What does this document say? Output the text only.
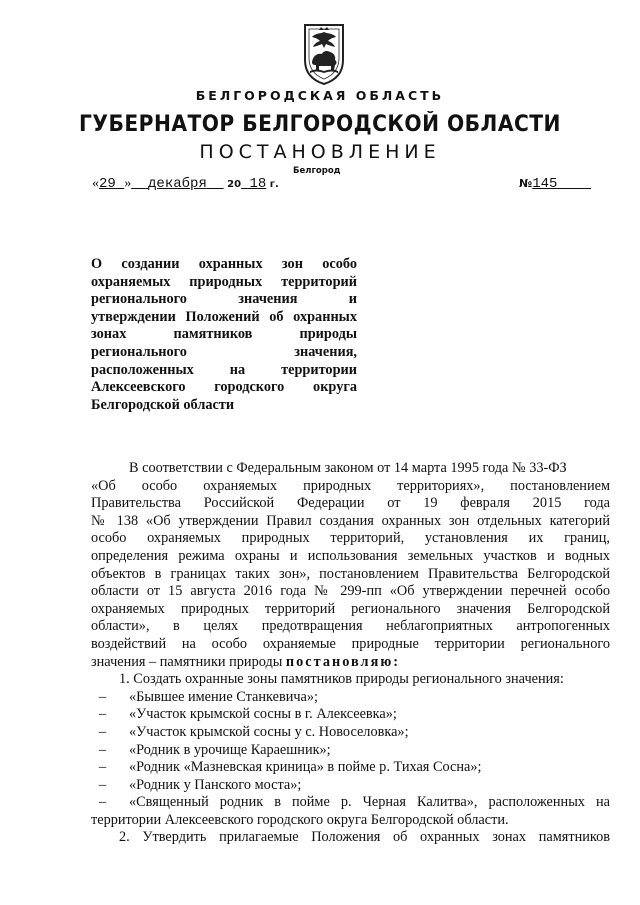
БЕЛГОРОДСКАЯ ОБЛАСТЬ
ГУБЕРНАТОР БЕЛГОРОДСКОЙ ОБЛАСТИ
ПОСТАНОВЛЕНИЕ
Белгород
«29 » декабря 20 18 г.	№145
О создании охранных зон особо
охраняемых природных территорий
регионального значения и
утверждении Положений об охранных
зонах памятников природы
регионального значения,
расположенных на территории
Алексеевского городского округа
Белгородской области
В соответствии с Федеральным законом от 14 марта 1995 года № 33-ФЗ
«Об особо охраняемых природных территориях», постановлением
Правительства Российской Федерации от 19 февраля 2015 года
№ 138 «Об утверждении Правил создания охранных зон отдельных категорий
особо охраняемых природных территорий, установления их границ,
определения режима охраны и использования земельных участков и водных
объектов в границах таких зон», постановлением Правительства Белгородской
области от 15 августа 2016 года № 299-пп «Об утверждении перечней особо
охраняемых природных территорий регионального значения Белгородской
области», в целях предотвращения неблагоприятных антропогенных
воздействий на особо охраняемые природные территории регионального
значения – памятники природы постановляю:
1. Создать охранные зоны памятников природы регионального значения:
– «Бывшее имение Станкевича»;
– «Участок крымской сосны в г. Алексеевка»;
– «Участок крымской сосны у с. Новоселовка»;
– «Родник в урочище Караешник»;
– «Родник «Мазневская криница» в пойме р. Тихая Сосна»;
– «Родник у Панского моста»;
– «Священный родник в пойме р. Черная Калитва», расположенных на
территории Алексеевского городского округа Белгородской области.
2. Утвердить прилагаемые Положения об охранных зонах памятников
